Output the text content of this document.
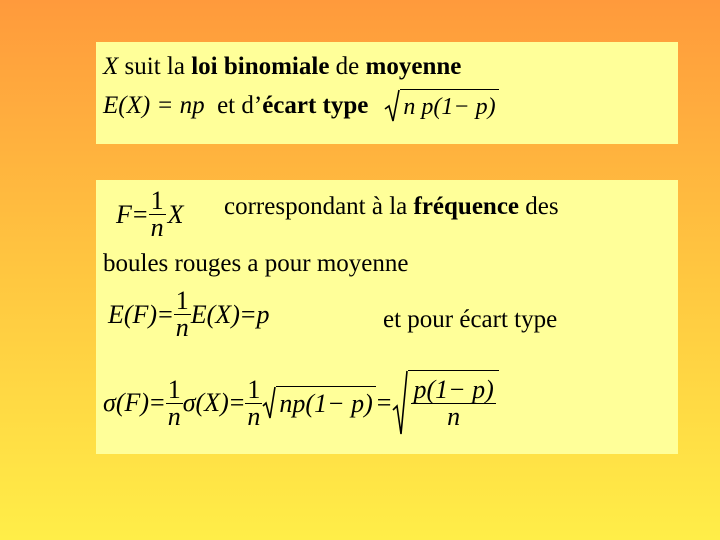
X suit la loi binomiale de moyenne
E(X) = np et d’ écart type n p(1− p)
$F = \frac{1}{n}$ X correspondant à la fréquence des
boules rouges a pour moyenne
$E(F) = \frac{1}{n} E(X) = p$	et pour écart type
$\sigma(F) = \frac{1}{n} \sigma(X) = \frac{1}{n} np(1- p) = \frac{p(1- p)}{n}$
